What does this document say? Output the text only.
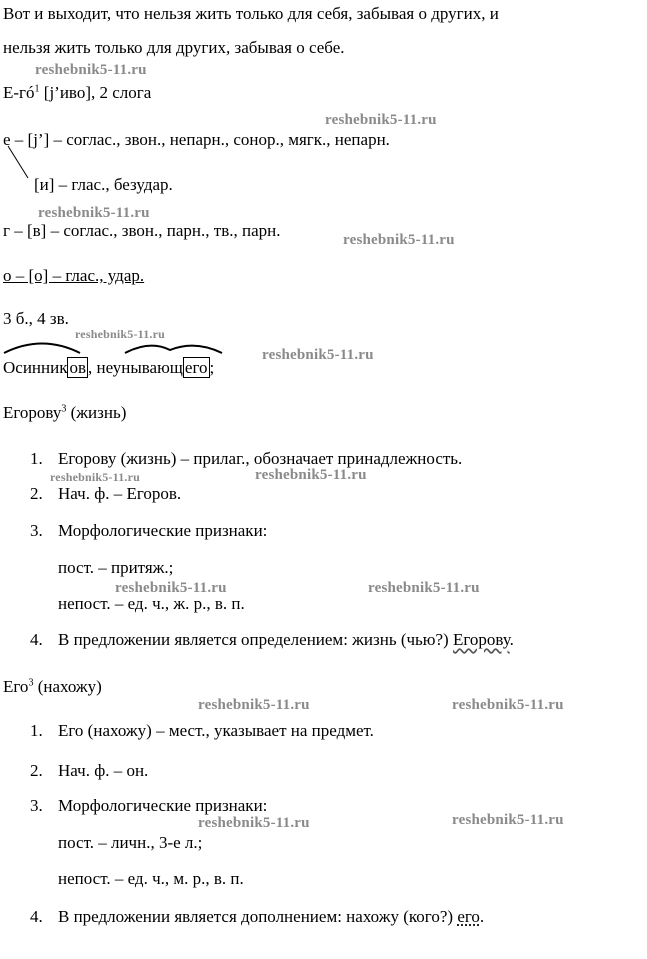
Вот и выходит, что нельзя жить только для себя, забывая о других, и
нельзя жить только для других, забывая о себе.
reshebnik5-11.ru
$Е-гó^1$ [j’иво], 2 слога
reshebnik5-11.ru
е – [j’] – соглас., звон., непарн., сонор., мягк., непарн.
[и] – глас., безудар.
reshebnik5-11.ru
г – [в] – соглас., звон., парн., тв., парн.	reshebnik5-11.ru
о – [о] – глас., удар.
3 б., 4 зв.
reshebnik5-11.ru
Осинник ов , неунывающ его ;
reshebnik5-11.ru
Егорову$^3$ (жизнь)
1. Егорову (жизнь) – прилаг., обозначает принадлежность.
reshebnik5-11.ru	reshebnik5-11.ru
2. Нач. ф. – Егоров.
3. Морфологические признаки:
пост. – притяж.;
reshebnik5-11.ru	reshebnik5-11.ru
непост. – ед. ч., ж. р., в. п.
4. В предложении является определением: жизнь (чью?) Егорову.
Его$^3$ (нахожу)
reshebnik5-11.ru	reshebnik5-11.ru
1. Его (нахожу) – мест., указывает на предмет.
2. Нач. ф. – он.
3. Морфологические признаки:
reshebnik5-11.ru	reshebnik5-11.ru
пост. – личн., 3-е л.;
непост. – ед. ч., м. р., в. п.
4. В предложении является дополнением: нахожу (кого?) его.
